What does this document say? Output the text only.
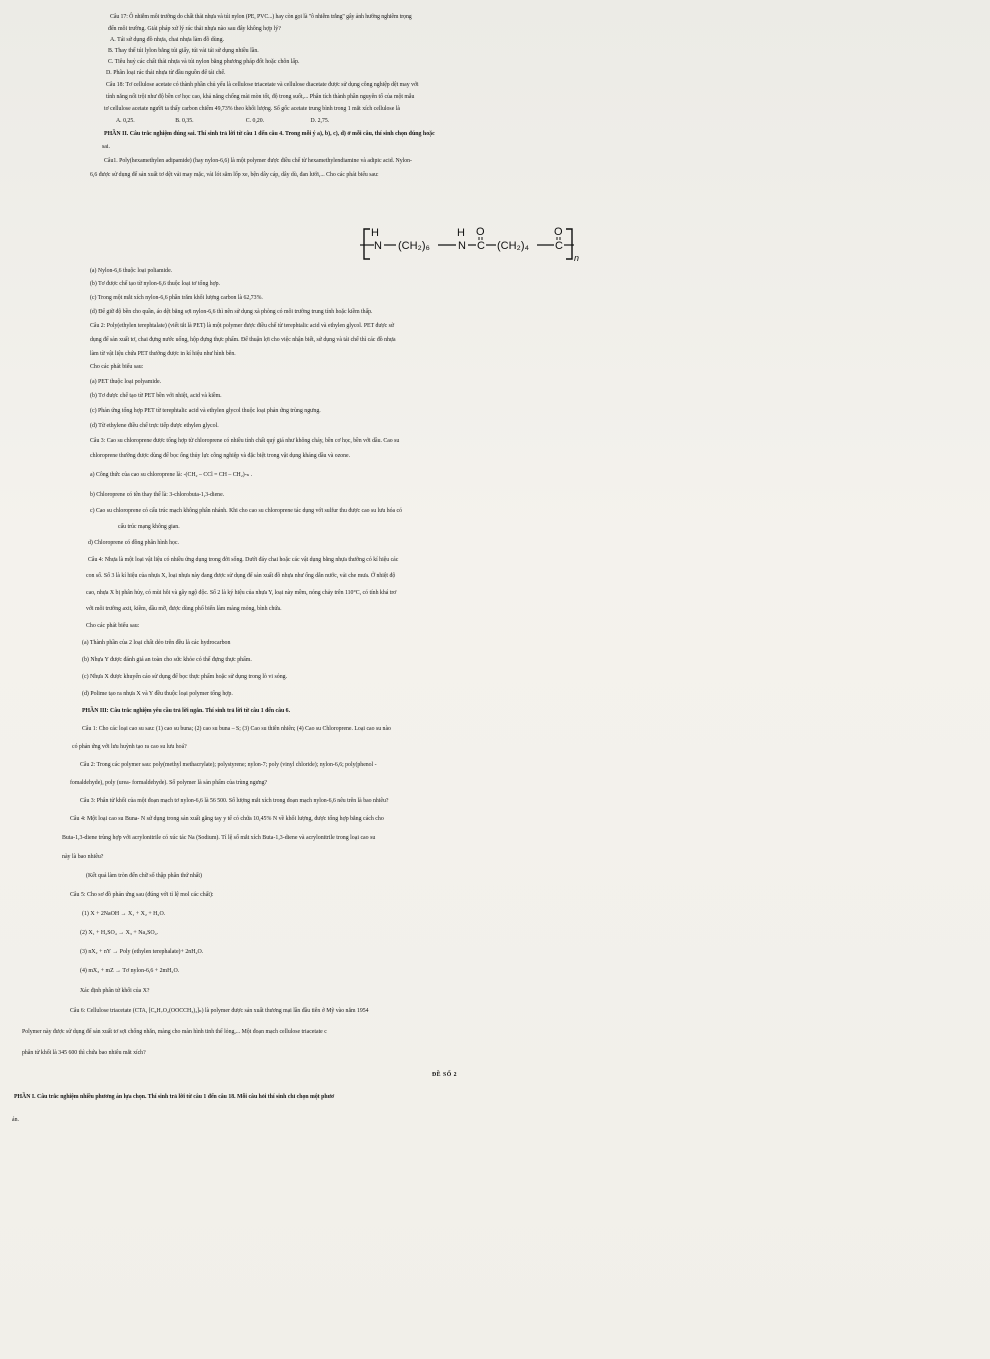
Câu 17: Ô nhiễm môi trường do chất thải nhựa và túi nylon (PE, PVC...) hay còn gọi là "ô nhiễm trắng" gây ảnh hưởng nghiêm trọng
đến môi trường. Giải pháp xử lý rác thải nhựa nào sau đây không hợp lý?
A. Tái sử dụng đồ nhựa, chai nhựa làm đồ dùng.
B. Thay thế túi lylon bằng túi giấy, túi vải tái sử dụng nhiều lần.
C. Tiêu huỷ các chất thải nhựa và túi nylon bằng phương pháp đốt hoặc chôn lấp.
D. Phân loại rác thải nhựa từ đầu nguồn để tái chế.
Câu 18: Tơ cellulose acetate có thành phần chủ yếu là cellulose triacetate và cellulose diacetate được sử dụng công nghiệp dệt may với
tính năng nổi trội như độ bền cơ học cao, khả năng chống mài mòn tốt, độ trong suốt,... Phân tích thành phần nguyên tố của một mẫu
tơ cellulose acetate người ta thấy carbon chiếm 49,73% theo khối lượng. Số gốc acetate trung bình trong 1 mắt xích cellulose là
A. 0,25.                            B. 0,35.                                    C. 0,20.                                D. 2,75.
PHẦN II. Câu trắc nghiệm đúng sai. Thí sinh trả lời từ câu 1 đến câu 4. Trong mỗi ý a), b), c), d) ở mỗi câu, thí sinh chọn đúng hoặc
sai.
Câu1. Poly(hexamethylen adipamide) (hay nylon-6,6) là một polymer được điều chế từ hexamethylendiamine và adipic acid. Nylon-
6,6 được sử dụng để sản xuất tơ dệt vải may mặc, vải lót săm lốp xe, bện dây cáp, dây dù, đan lưới,... Cho các phát biểu sau:
H
N (CH₂)₆
H
N
O
C (CH₂)₄
O
C
n
(a) Nylon-6,6 thuộc loại poliamide.
(b) Tơ được chế tạo từ nylon-6,6 thuộc loại tơ tổng hợp.
(c) Trong một mắt xích nylon-6,6 phần trăm khối lượng carbon là 62,73%.
(d) Để giữ độ bền cho quần, áo dệt bằng sợi nylon-6,6 thì nên sử dụng xà phòng có môi trường trung tính hoặc kiềm thấp.
Câu 2: Poly(ethylen terephtalate) (viết tắt là PET) là một polymer được điều chế từ terephtalic acid và ethylen glycol. PET được sử
dụng để sản xuất tơ, chai đựng nước uống, hộp đựng thực phẩm. Để thuận lợi cho việc nhận biết, sử dụng và tái chế thì các đồ nhựa
làm từ vật liệu chứa PET thường được in kí hiệu như hình bên.
Cho các phát biểu sau:
(a) PET thuộc loại polyamide.
(b) Tơ được chế tạo từ PET bền với nhiệt, acid và kiềm.
(c) Phản ứng tổng hợp PET từ terephtalic acid và ethylen glycol thuộc loại phản ứng trùng ngưng.
(d) Từ ethylene điều chế trực tiếp được ethylen glycol.
Câu 3: Cao su chloroprene được tổng hợp từ chloroprene có nhiều tính chất quý giá như không cháy, bền cơ học, bền với dầu. Cao su
chloroprene thường được dùng để bọc ống thủy lực công nghiệp và đặc biệt trong vật dụng kháng dầu và ozone.
a) Công thức của cao su chloroprene là: -(CH₂ – CCl = CH – CH₂)-ₙ .
b) Chloroprene có tên thay thế là: 3-chlorobuta-1,3-diene.
c) Cao su chloroprene có cấu trúc mạch không phân nhánh. Khi cho cao su chloroprene tác dụng với sulfur thu được cao su lưu hóa có
cấu trúc mạng không gian.
d) Chloroprene có đồng phân hình học.
Câu 4: Nhựa là một loại vật liệu có nhiều ứng dụng trong đời sống. Dưới đáy chai hoặc các vật dụng bằng nhựa thường có kí hiệu các
con số. Số 3 là kí hiệu của nhựa X, loại nhựa này đang được sử dụng để sản xuất đồ nhựa như ống dẫn nước, vải che mưa. Ở nhiệt độ
cao, nhựa X bị phân hủy, có mùi hôi và gây ngộ độc. Số 2 là ký hiệu của nhựa Y, loại này mềm, nóng chảy trên 110°C, có tính khá trơ
với môi trường axit, kiềm, dầu mỡ, được dùng phổ biến làm màng mỏng, bình chứa.
Cho các phát biểu sau:
(a) Thành phần của 2 loại chất dẻo trên đều là các hydrocarbon
(b) Nhựa Y được đánh giá an toàn cho sức khỏe có thể đựng thực phẩm.
(c) Nhựa X được khuyến cáo sử dụng để bọc thực phẩm hoặc sử dụng trong lò vi sóng.
(d) Polime tạo ra nhựa X và Y đều thuộc loại polymer tổng hợp.
PHẦN III: Câu trắc nghiệm yêu cầu trả lời ngắn. Thí sinh trả lời từ câu 1 đến câu 6.
Câu 1: Cho các loại cao su sau: (1) cao su buna; (2) cao su buna – S; (3) Cao su thiên nhiên; (4) Cao su Chloroprene. Loại cao su nào
có phản ứng với lưu huỳnh tạo ra cao su lưu hoá?
Câu 2: Trong các polymer sau: poly(methyl methacrylate); polystyrene; nylon-7; poly (vinyl chloride); nylon-6,6; poly(phenol -
fomaldehyde), poly (urea- formaldehyde). Số polymer là sản phẩm của trùng ngưng?
Câu 3: Phân tử khối của một đoạn mạch tơ nylon-6,6 là 56 500. Số lượng mắt xích trong đoạn mạch nylon-6,6 nêu trên là bao nhiêu?
Câu 4: Một loại cao su Buna- N sử dụng trong sản xuất găng tay y tế có chứa 10,45% N về khối lượng, được tổng hợp bằng cách cho
Buta-1,3-diene trùng hợp với acrylonitrile có xúc tác Na (Sodium). Tỉ lệ số mắt xích Buta-1,3-diene và acrylonitrile trong loại cao su
này là bao nhiêu?
(Kết quả làm tròn đến chữ số thập phân thứ nhất)
Câu 5: Cho sơ đồ phản ứng sau (đúng với tỉ lệ mol các chất):
(1) X + 2NaOH → X₁ + X₂ + H₂O.
(2) X₁ + H₂SO₄ → X₃ + Na₂SO₄.
(3) nX₂ + nY → Poly (ethylen terephalate)+ 2nH₂O.
(4) mX₃ + mZ → Tơ nylon-6,6 + 2mH₂O.
Xác định phân tử khối của X?
Câu 6: Cellulose triacetate (CTA, [C₆H₇O₂(OOCCH₃)₃]ₙ) là polymer được sản xuất thương mại lần đầu tiên ở Mỹ vào năm 1954
Polymer này được sử dụng để sản xuất tơ sợi chống nhăn, màng cho màn hình tinh thể lỏng,... Một đoạn mạch cellulose triacetate c
phân tử khối là 345 600 thì chứa bao nhiêu mắt xích?
ĐỀ SỐ 2
PHẦN I. Câu trắc nghiệm nhiều phương án lựa chọn. Thí sinh trả lời từ câu 1 đến câu 18. Mỗi câu hỏi thí sinh chỉ chọn một phươ
án.
